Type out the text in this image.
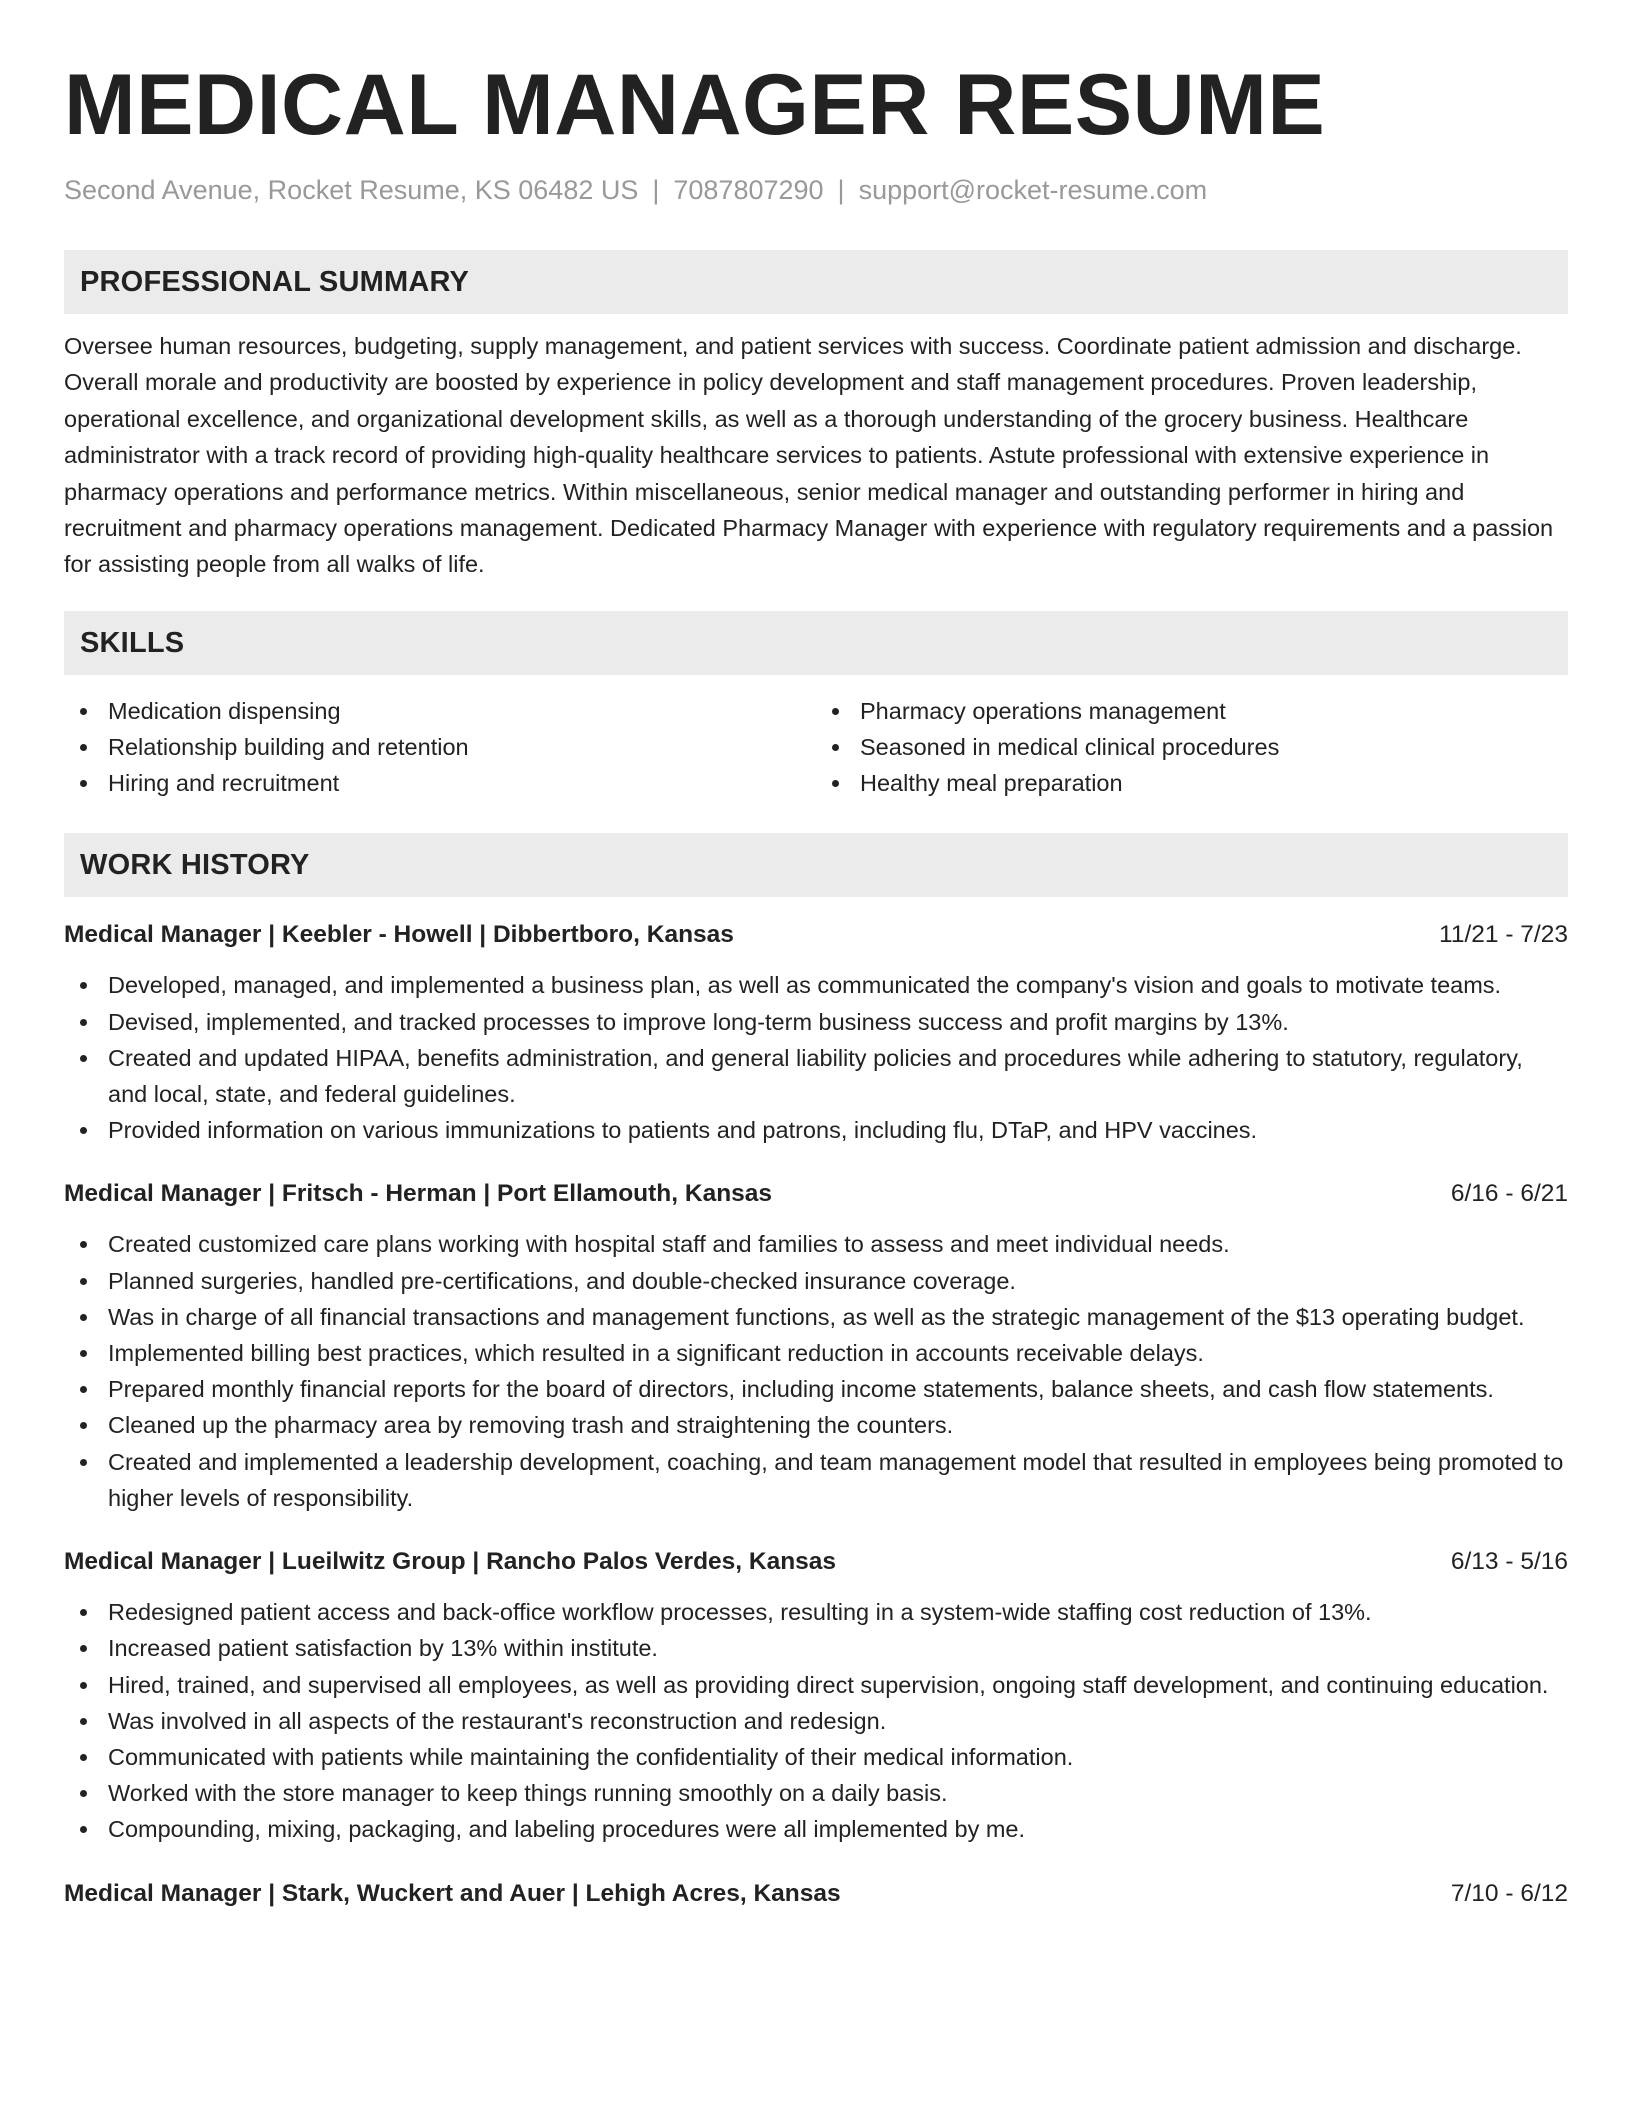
MEDICAL MANAGER RESUME
Second Avenue, Rocket Resume, KS 06482 US | 7087807290 | support@rocket-resume.com
PROFESSIONAL SUMMARY

Oversee human resources, budgeting, supply management, and patient services with success. Coordinate patient admission and discharge. Overall morale and productivity are boosted by experience in policy development and staff management procedures. Proven leadership, operational excellence, and organizational development skills, as well as a thorough understanding of the grocery business. Healthcare administrator with a track record of providing high-quality healthcare services to patients. Astute professional with extensive experience in pharmacy operations and performance metrics. Within miscellaneous, senior medical manager and outstanding performer in hiring and recruitment and pharmacy operations management. Dedicated Pharmacy Manager with experience with regulatory requirements and a passion for assisting people from all walks of life.

SKILLS
Medication dispensing
Relationship building and retention
Hiring and recruitment
Pharmacy operations management
Seasoned in medical clinical procedures
Healthy meal preparation
WORK HISTORY
Medical Manager | Keebler - Howell | Dibbertboro, Kansas	11/21 - 7/23
Developed, managed, and implemented a business plan, as well as communicated the company's vision and goals to motivate teams.
Devised, implemented, and tracked processes to improve long-term business success and profit margins by 13%.
Created and updated HIPAA, benefits administration, and general liability policies and procedures while adhering to statutory, regulatory, and local, state, and federal guidelines.
Provided information on various immunizations to patients and patrons, including flu, DTaP, and HPV vaccines.
Medical Manager | Fritsch - Herman | Port Ellamouth, Kansas	6/16 - 6/21
Created customized care plans working with hospital staff and families to assess and meet individual needs.
Planned surgeries, handled pre-certifications, and double-checked insurance coverage.
Was in charge of all financial transactions and management functions, as well as the strategic management of the $13 operating budget.
Implemented billing best practices, which resulted in a significant reduction in accounts receivable delays.
Prepared monthly financial reports for the board of directors, including income statements, balance sheets, and cash flow statements.
Cleaned up the pharmacy area by removing trash and straightening the counters.
Created and implemented a leadership development, coaching, and team management model that resulted in employees being promoted to higher levels of responsibility.
Medical Manager | Lueilwitz Group | Rancho Palos Verdes, Kansas	6/13 - 5/16
Redesigned patient access and back-office workflow processes, resulting in a system-wide staffing cost reduction of 13%.
Increased patient satisfaction by 13% within institute.
Hired, trained, and supervised all employees, as well as providing direct supervision, ongoing staff development, and continuing education.
Was involved in all aspects of the restaurant's reconstruction and redesign.
Communicated with patients while maintaining the confidentiality of their medical information.
Worked with the store manager to keep things running smoothly on a daily basis.
Compounding, mixing, packaging, and labeling procedures were all implemented by me.
Medical Manager | Stark, Wuckert and Auer | Lehigh Acres, Kansas	7/10 - 6/12
